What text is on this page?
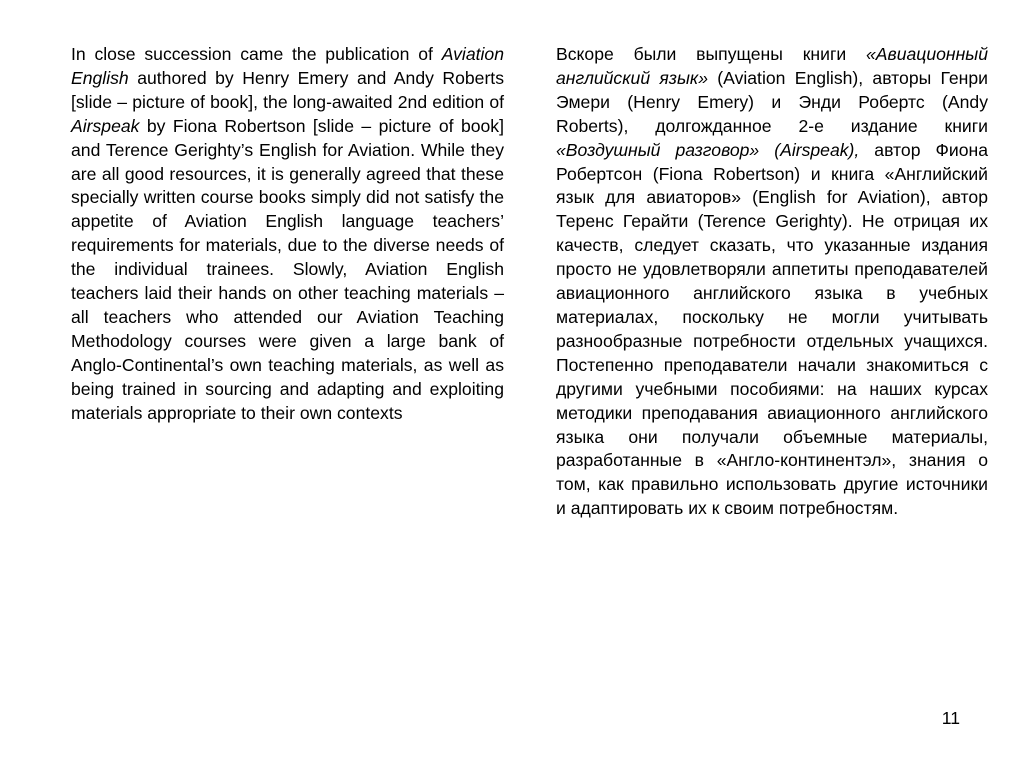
In close succession came the publication of Aviation English authored by Henry Emery and Andy Roberts [slide – picture of book], the long-awaited 2nd edition of Airspeak by Fiona Robertson [slide – picture of book] and Terence Gerighty’s English for Aviation. While they are all good resources, it is generally agreed that these specially written course books simply did not satisfy the appetite of Aviation English language teachers’ requirements for materials, due to the diverse needs of the individual trainees. Slowly, Aviation English teachers laid their hands on other teaching materials – all teachers who attended our Aviation Teaching Methodology courses were given a large bank of Anglo-Continental’s own teaching materials, as well as being trained in sourcing and adapting and exploiting materials appropriate to their own contexts

Вскоре были выпущены книги «Авиационный английский язык» (Aviation English), авторы Генри Эмери (Henry Emery) и Энди Робертс (Andy Roberts), долгожданное 2-е издание книги «Воздушный разговор» (Airspeak), автор Фиона Робертсон (Fiona Robertson) и книга «Английский язык для авиаторов» (English for Aviation), автор Теренс Герайти (Terence Gerighty). Не отрицая их качеств, следует сказать, что указанные издания просто не удовлетворяли аппетиты преподавателей авиационного английского языка в учебных материалах, поскольку не могли учитывать разнообразные потребности отдельных учащихся. Постепенно преподаватели начали знакомиться с другими учебными пособиями: на наших курсах методики преподавания авиационного английского языка они получали объемные материалы, разработанные в «Англо-континентэл», знания о том, как правильно использовать другие источники и адаптировать их к своим потребностям.

11
